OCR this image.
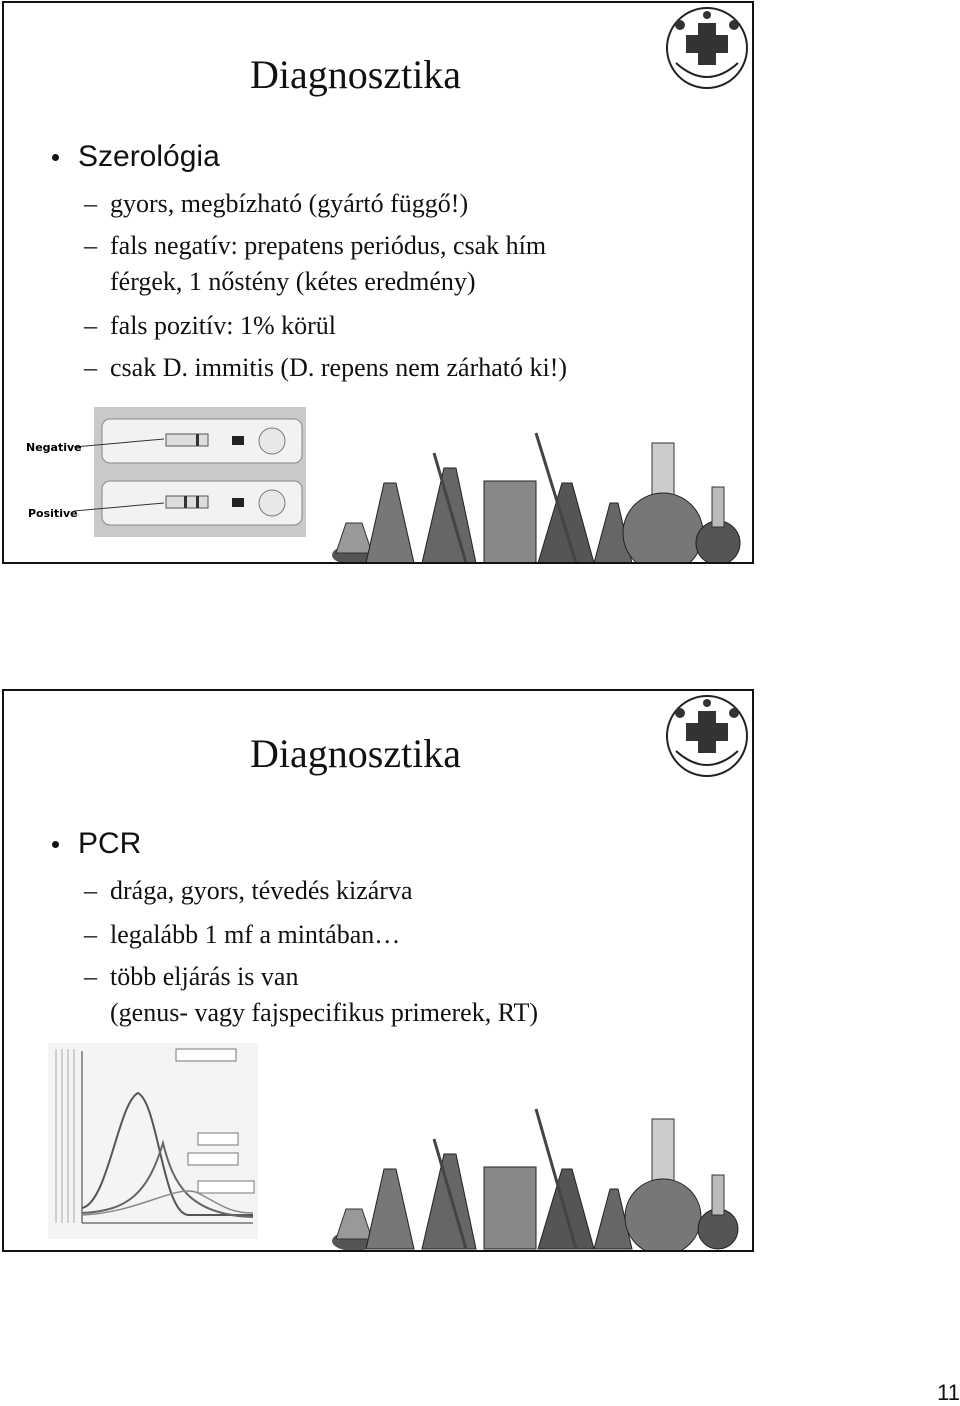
Diagnosztika
Szerológia
– gyors, megbízható (gyártó függő!)
– fals negatív: prepatens periódus, csak hím
férgek, 1 nőstény (kétes eredmény)
– fals pozitív: 1% körül
– csak D. immitis (D. repens nem zárható ki!)
Negative
Positive
Diagnosztika
PCR
– drága, gyors, tévedés kizárva
– legalább 1 mf a mintában…
– több eljárás is van
(genus- vagy fajspecifikus primerek, RT)
11
